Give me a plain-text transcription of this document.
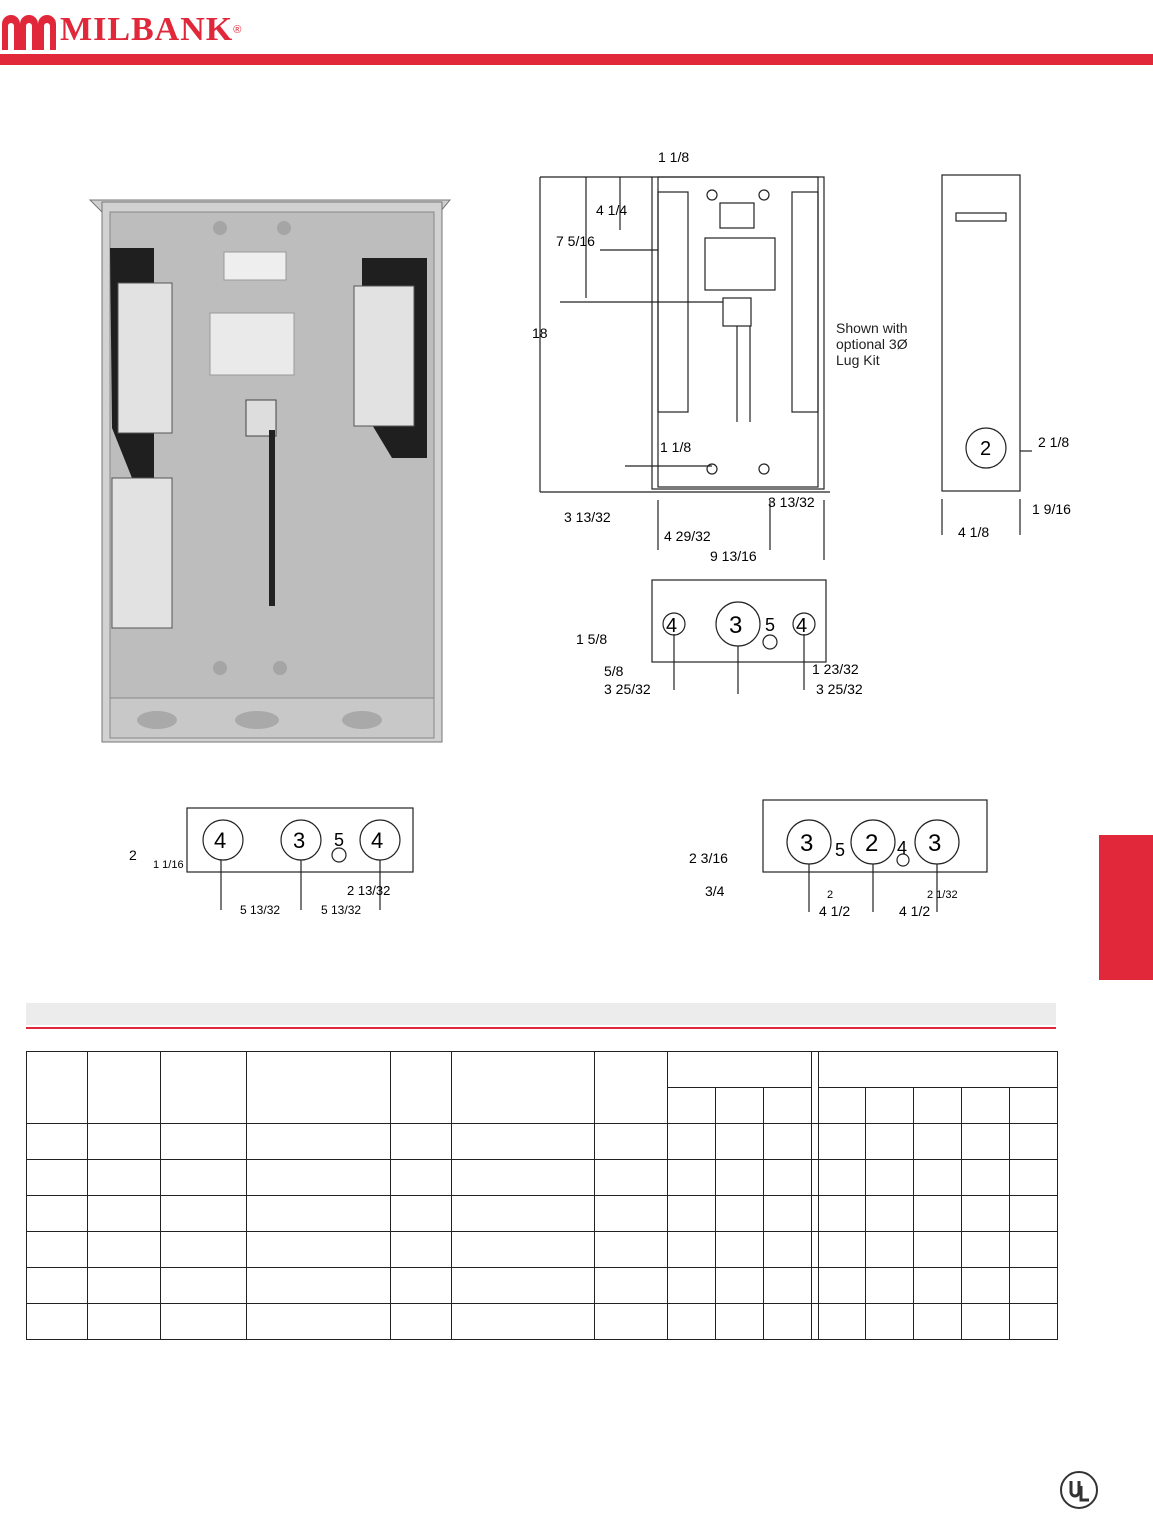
MILBANK ®
1 1/8
4 1/4
7 5/16
18
1 1/8
3 13/32
3 13/32
4 29/32
9 13/16
Shown with
optional 3Ø
Lug Kit
2	2 1/8
1 9/16
4 1/8
4 3 5 4
1 5/8
5/8	1 23/32
3 25/32	3 25/32
4	3 5 4
2
1 1/16
2 13/32
5 13/32	5 13/32
3 5 2 4 3
2 3/16
3/4	2	2 1/32
4 1/2	4 1/2
